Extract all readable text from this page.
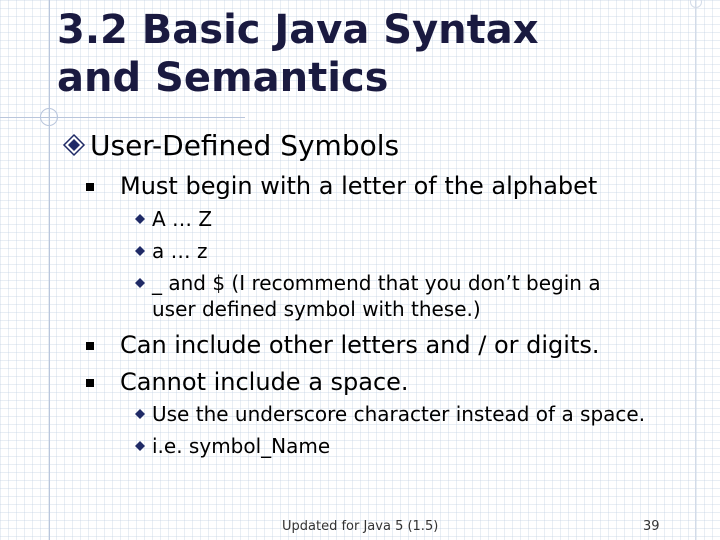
3.2 Basic Java Syntax and Semantics
User-Defined Symbols
Must begin with a letter of the alphabet
A … Z
a … z
_ and $ (I recommend that you don’t begin a user defined symbol with these.)
Can include other letters and / or digits.
Cannot include a space.
Use the underscore character instead of a space.
i.e. symbol_Name
Updated for Java 5 (1.5)	39
